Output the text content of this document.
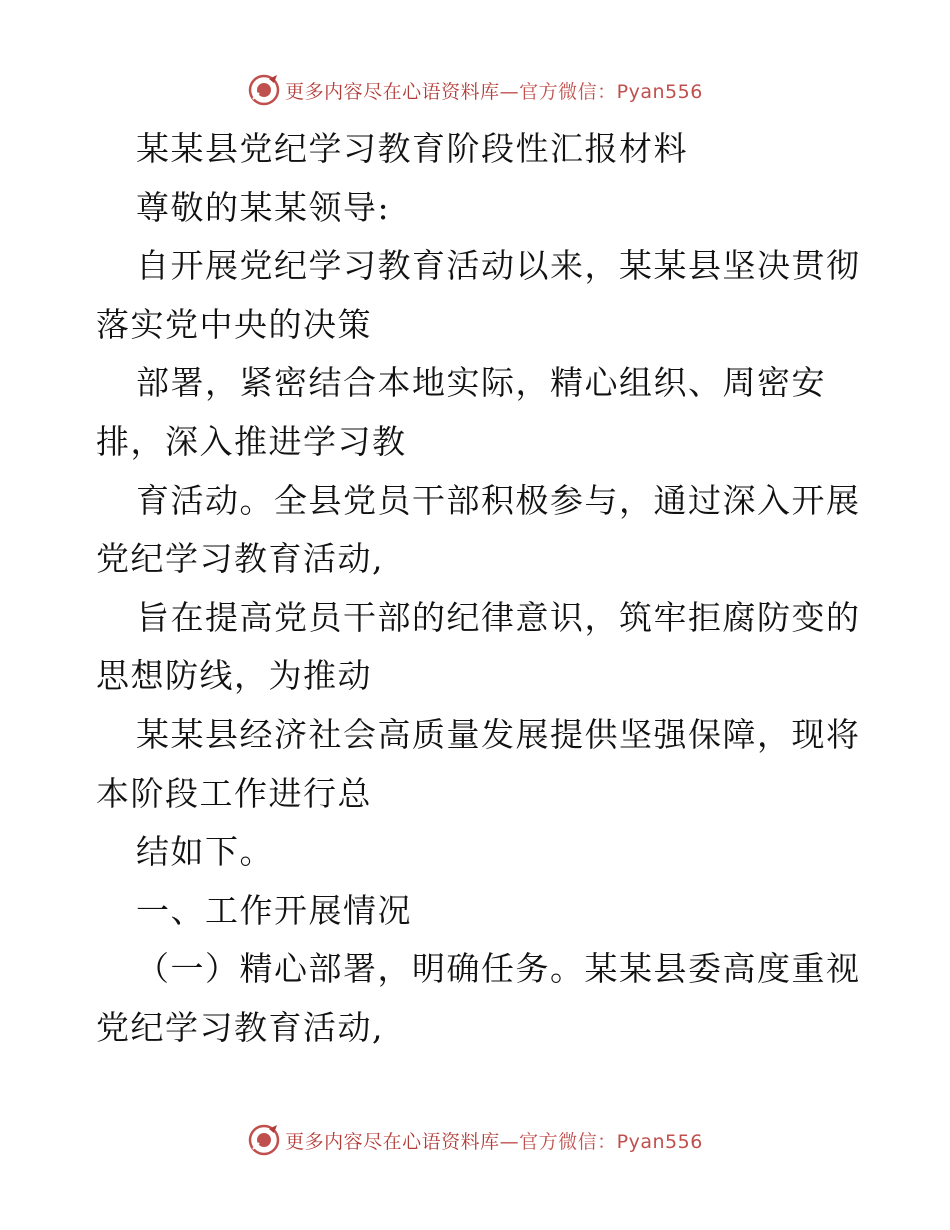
更多内容尽在心语资料库—官方微信：Pyan556
某某县党纪学习教育阶段性汇报材料
尊敬的某某领导:
自开展党纪学习教育活动以来，某某县坚决贯彻
落实党中央的决策
部署，紧密结合本地实际，精心组织、周密安
排，深入推进学习教
育活动。全县党员干部积极参与，通过深入开展
党纪学习教育活动,
旨在提高党员干部的纪律意识，筑牢拒腐防变的
思想防线，为推动
某某县经济社会高质量发展提供坚强保障，现将
本阶段工作进行总
结如下。
一、工作开展情况
（一）精心部署，明确任务。某某县委高度重视
党纪学习教育活动,
更多内容尽在心语资料库—官方微信：Pyan556
